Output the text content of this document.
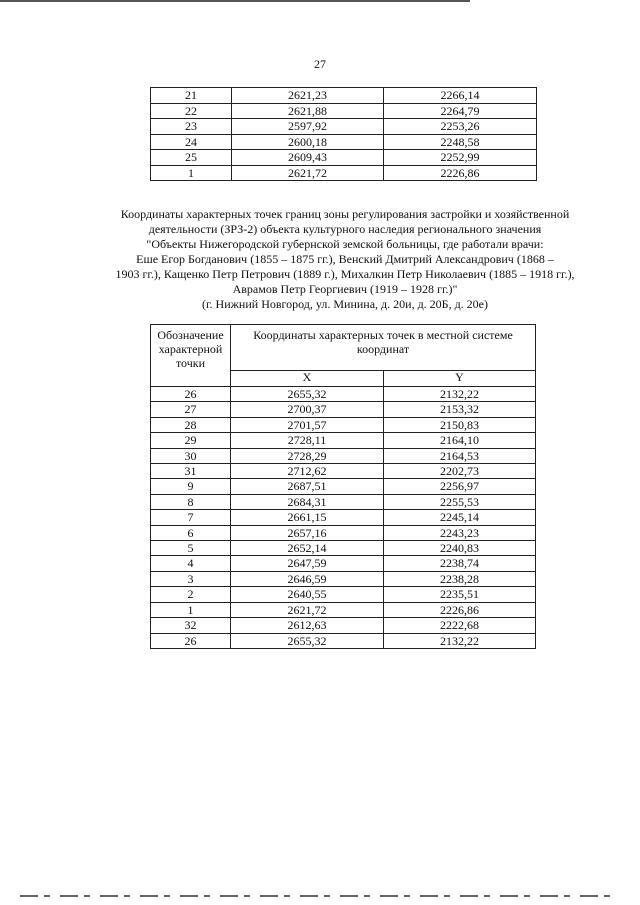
27
21	2621,23	2266,14
22	2621,88	2264,79
23	2597,92	2253,26
24	2600,18	2248,58
25	2609,43	2252,99
1	2621,72	2226,86
Координаты характерных точек границ зоны регулирования застройки и хозяйственной
деятельности (ЗРЗ-2) объекта культурного наследия регионального значения
"Объекты Нижегородской губернской земской больницы, где работали врачи:
Еше Егор Богданович (1855 – 1875 гг.), Венский Дмитрий Александрович (1868 –
1903 гг.), Кащенко Петр Петрович (1889 г.), Михалкин Петр Николаевич (1885 – 1918 гг.),
Аврамов Петр Георгиевич (1919 – 1928 гг.)"
(г. Нижний Новгород, ул. Минина, д. 20и, д. 20Б, д. 20е)
Обозначение характерной точки	Координаты характерных точек в местной системе координат	
	X	Y
26	2655,32	2132,22
27	2700,37	2153,32
28	2701,57	2150,83
29	2728,11	2164,10
30	2728,29	2164,53
31	2712,62	2202,73
9	2687,51	2256,97
8	2684,31	2255,53
7	2661,15	2245,14
6	2657,16	2243,23
5	2652,14	2240,83
4	2647,59	2238,74
3	2646,59	2238,28
2	2640,55	2235,51
1	2621,72	2226,86
32	2612,63	2222,68
26	2655,32	2132,22
